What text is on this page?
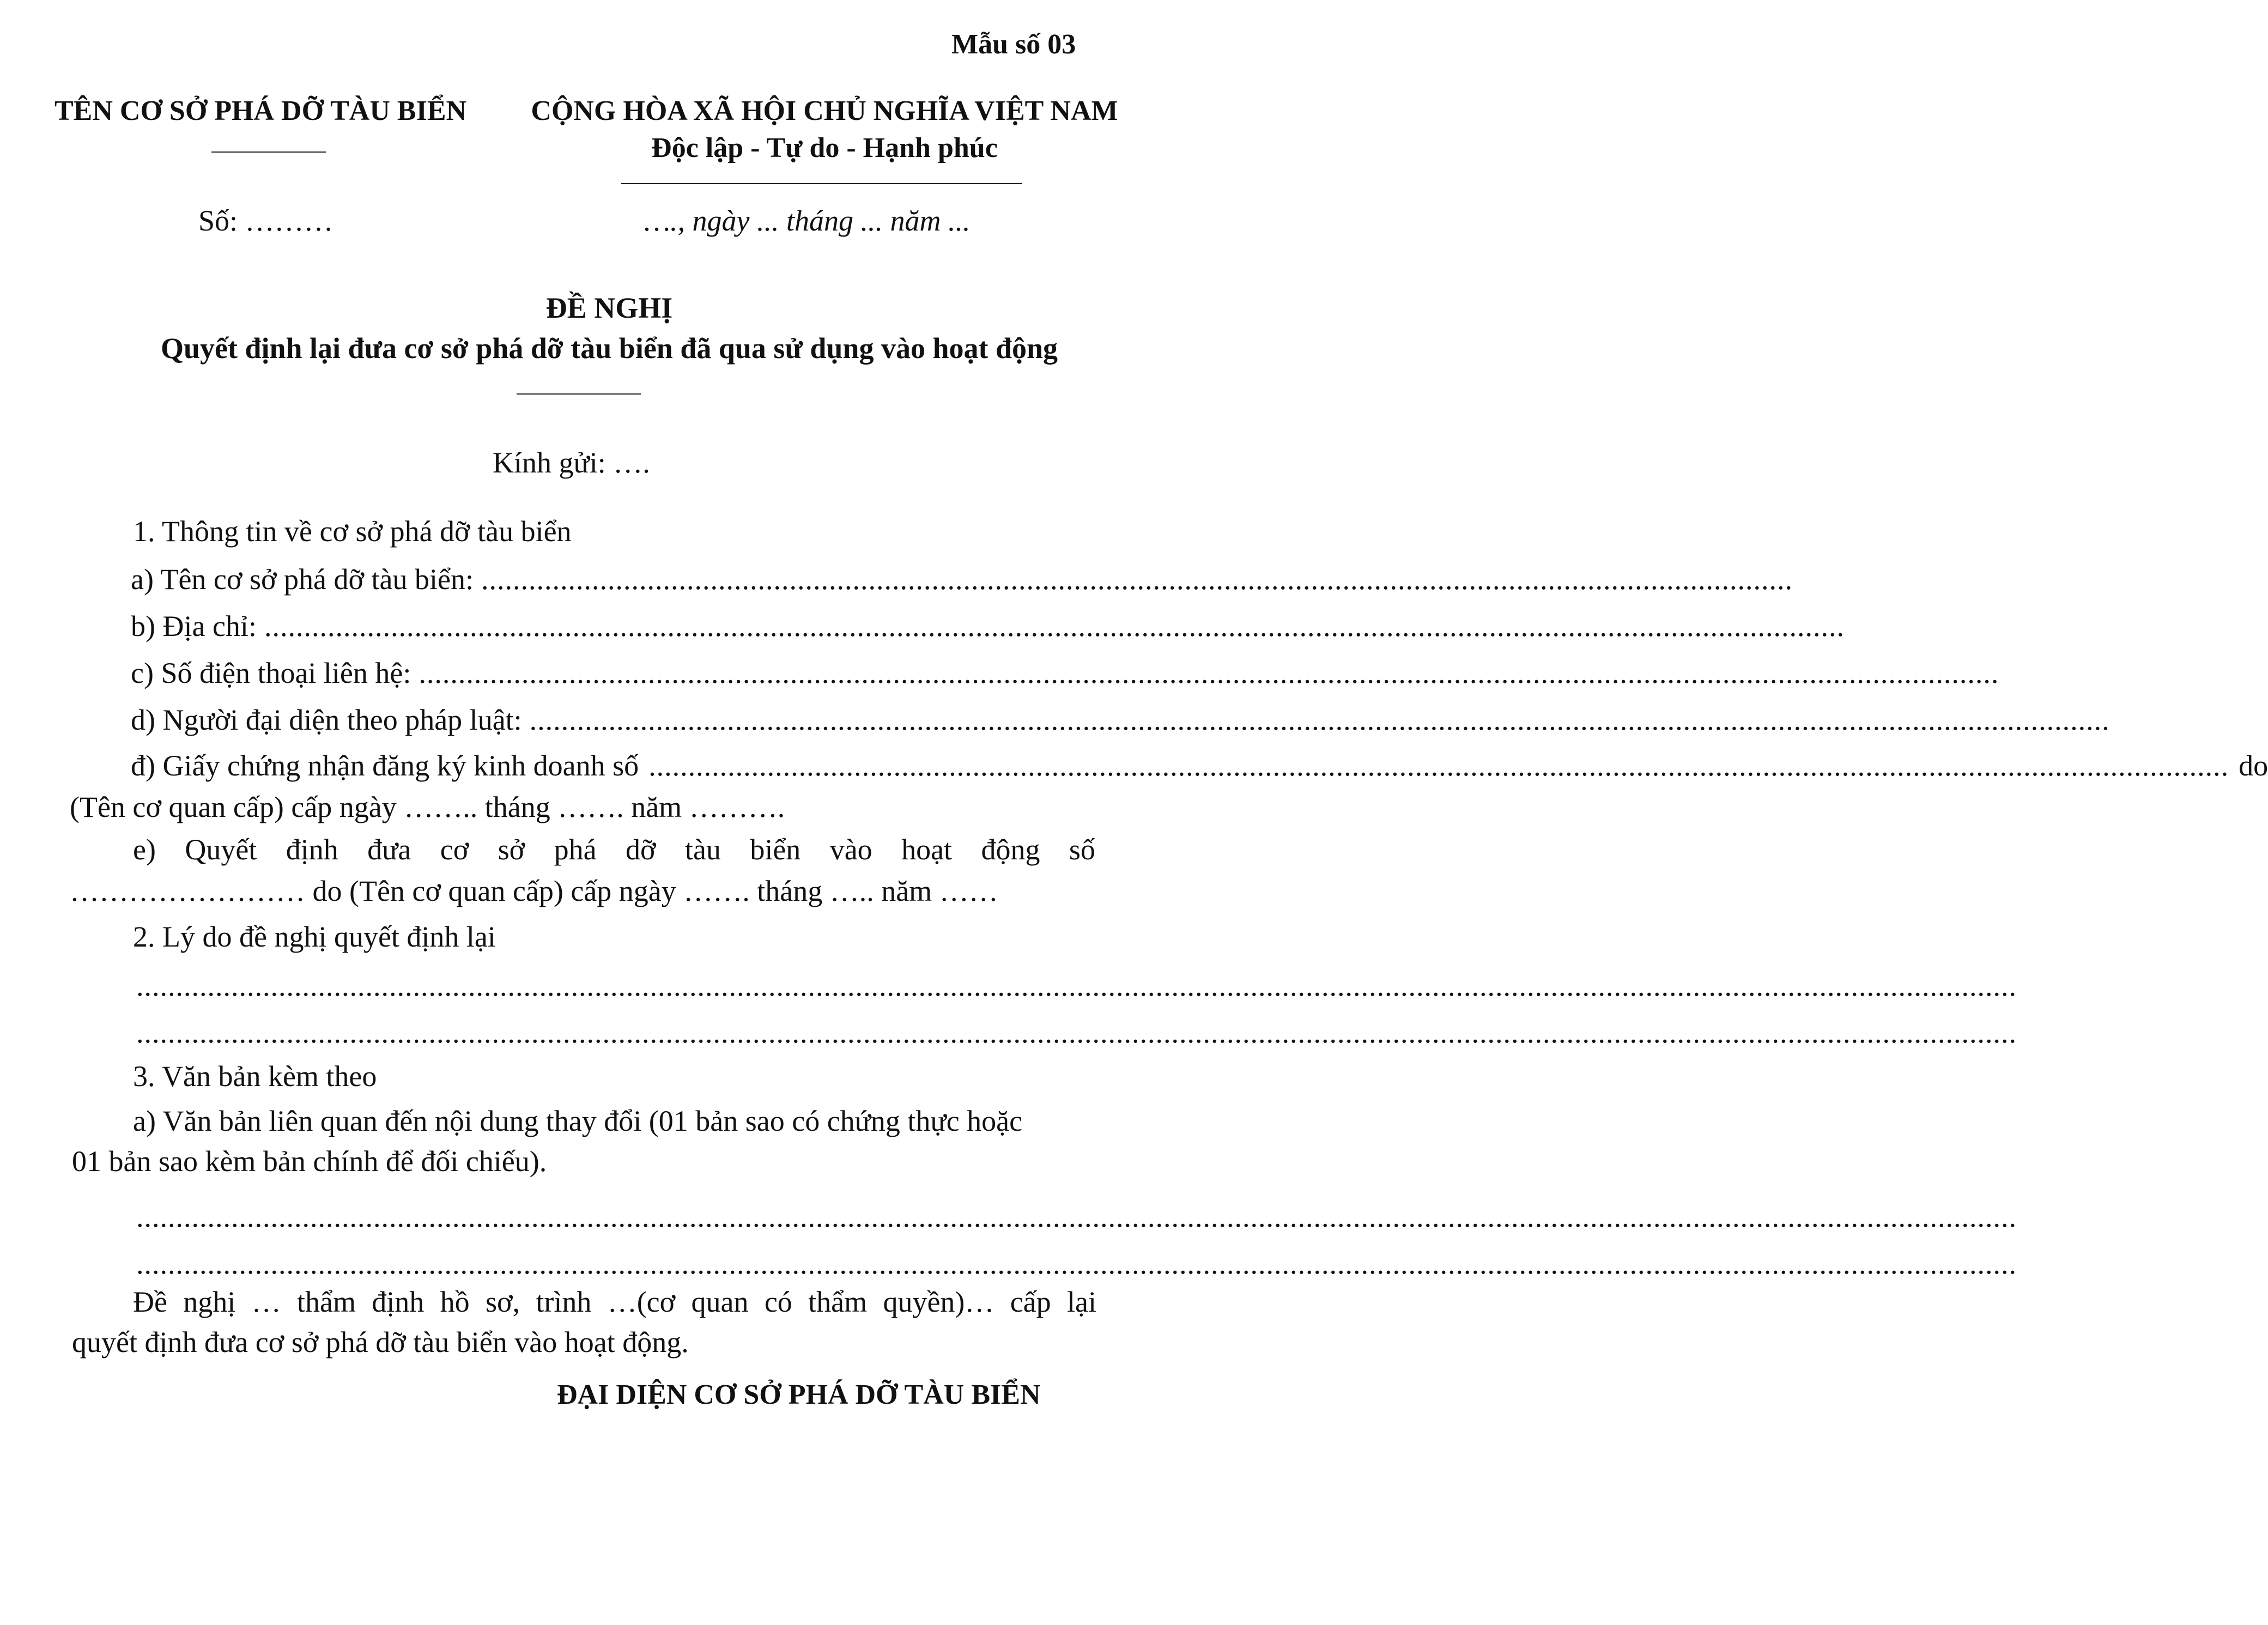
Mẫu số 03
TÊN CƠ SỞ PHÁ DỠ TÀU BIỂN	CỘNG HÒA XÃ HỘI CHỦ NGHĨA VIỆT NAM
Độc lập - Tự do - Hạnh phúc
Số: ………	…., ngày ... tháng ... năm ...
ĐỀ NGHỊ
Quyết định lại đưa cơ sở phá dỡ tàu biển đã qua sử dụng vào hoạt động
Kính gửi: ….
1. Thông tin về cơ sở phá dỡ tàu biển
a) Tên cơ sở phá dỡ tàu biển: ......................................................................................................................................................................
b) Địa chỉ: ........................................................................................................................................................................................................
c) Số điện thoại liên hệ: ........................................................................................................................................................................................................
d) Người đại diện theo pháp luật: ........................................................................................................................................................................................................
đ) Giấy chứng nhận đăng ký kinh doanh số ........................................................................................................................................................................................................ do
(Tên cơ quan cấp) cấp ngày …….. tháng ……. năm ……….
e) Quyết định đưa cơ sở phá dỡ tàu biển vào hoạt động số
…………………… do (Tên cơ quan cấp) cấp ngày ……. tháng ….. năm ……
2. Lý do đề nghị quyết định lại
..............................................................................................................................................................................................................................................
..............................................................................................................................................................................................................................................
3. Văn bản kèm theo
a) Văn bản liên quan đến nội dung thay đổi (01 bản sao có chứng thực hoặc
01 bản sao kèm bản chính để đối chiếu).
..............................................................................................................................................................................................................................................
..............................................................................................................................................................................................................................................
Đề nghị … thẩm định hồ sơ, trình …(cơ quan có thẩm quyền)… cấp lại
quyết định đưa cơ sở phá dỡ tàu biển vào hoạt động.
ĐẠI DIỆN CƠ SỞ PHÁ DỠ TÀU BIỂN
